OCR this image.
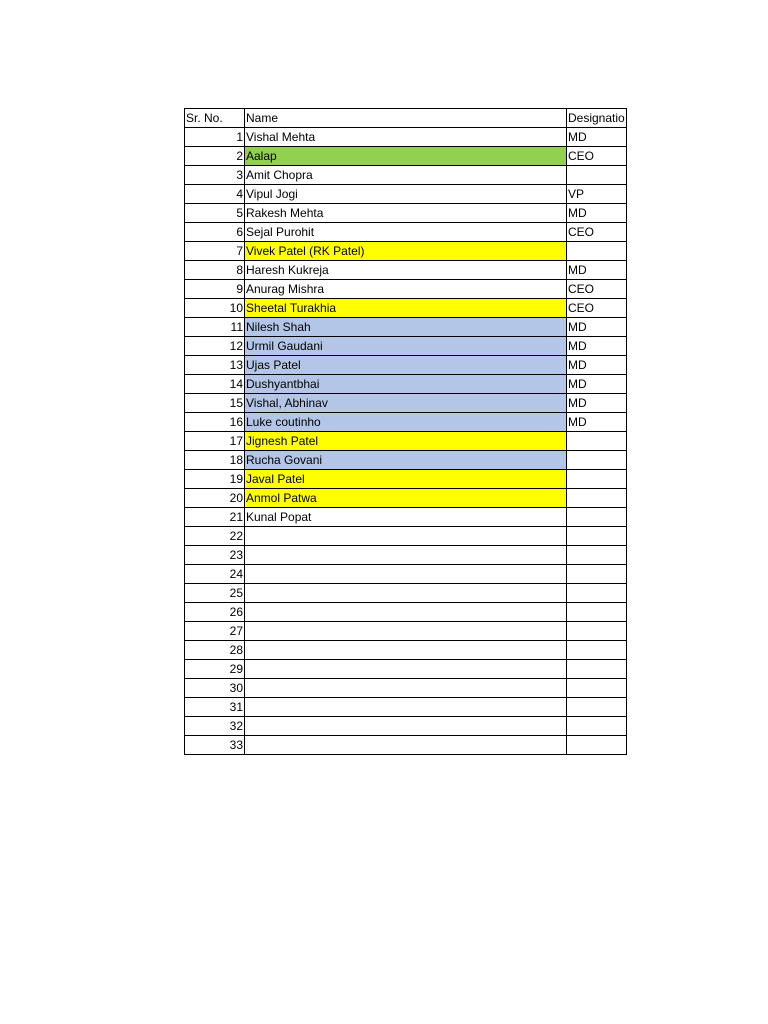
Sr. No.	Name	Designatio
1	Vishal Mehta	MD
2	Aalap	CEO
3	Amit Chopra	
4	Vipul Jogi	VP
5	Rakesh Mehta	MD
6	Sejal Purohit	CEO
7	Vivek Patel (RK Patel)	
8	Haresh Kukreja	MD
9	Anurag Mishra	CEO
10	Sheetal Turakhia	CEO
11	Nilesh Shah	MD
12	Urmil Gaudani	MD
13	Ujas Patel	MD
14	Dushyantbhai	MD
15	Vishal, Abhinav	MD
16	Luke coutinho	MD
17	Jignesh Patel	
18	Rucha Govani	
19	Javal Patel	
20	Anmol Patwa	
21	Kunal Popat	
22		
23		
24		
25		
26		
27		
28		
29		
30		
31		
32		
33		
